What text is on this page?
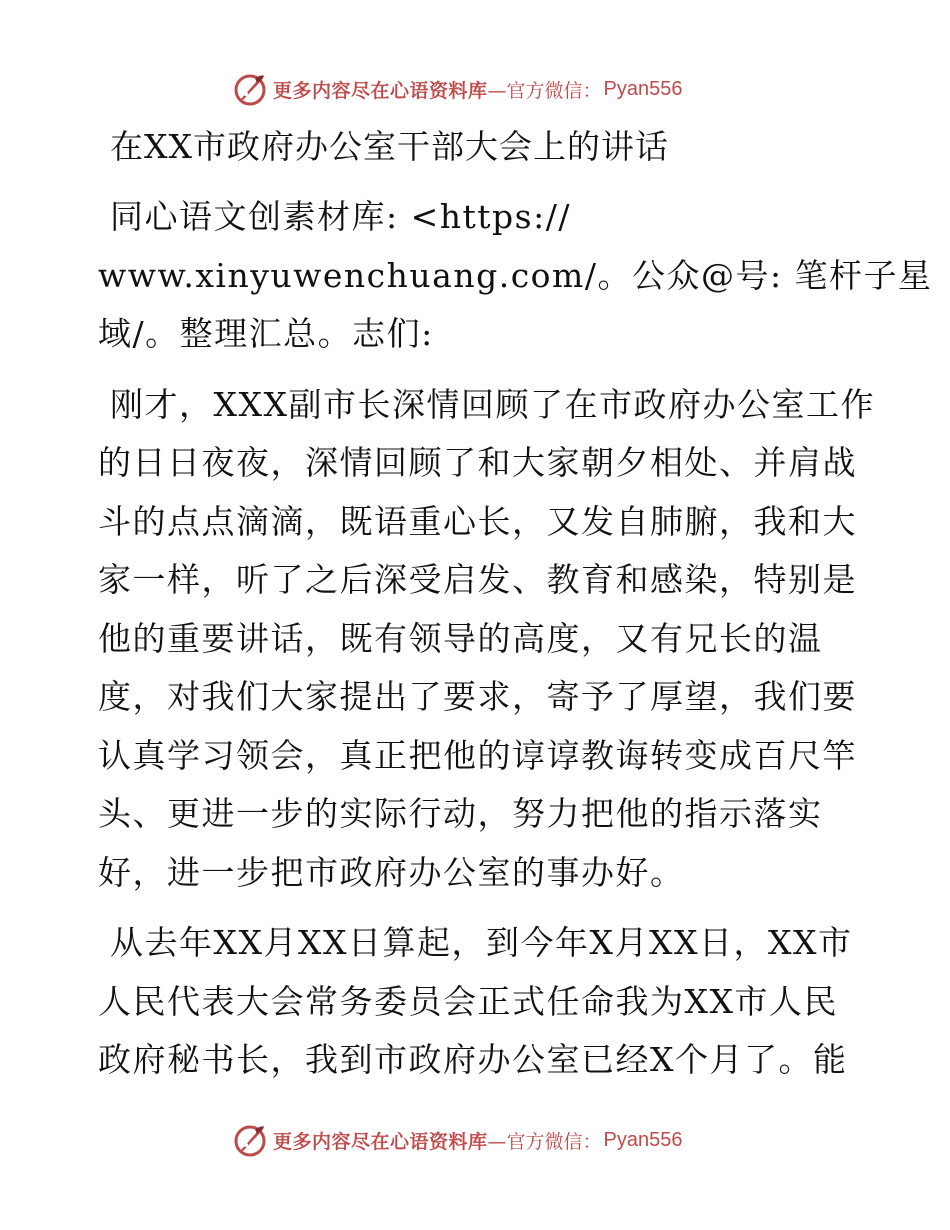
更多内容尽在心语资料库 —官方微信： Pyan556
在XX市政府办公室干部大会上的讲话

同心语文创素材库: <https://
www.xinyuwenchuang.com/。公众@号: 笔杆子星
域/。整理汇总。志们:

刚才，XXX副市长深情回顾了在市政府办公室工作
的日日夜夜，深情回顾了和大家朝夕相处、并肩战
斗的点点滴滴，既语重心长，又发自肺腑，我和大
家一样，听了之后深受启发、教育和感染，特别是
他的重要讲话，既有领导的高度，又有兄长的温
度，对我们大家提出了要求，寄予了厚望，我们要
认真学习领会，真正把他的谆谆教诲转变成百尺竿
头、更进一步的实际行动，努力把他的指示落实
好，进一步把市政府办公室的事办好。

从去年XX月XX日算起，到今年X月XX日，XX市
人民代表大会常务委员会正式任命我为XX市人民
政府秘书长，我到市政府办公室已经X个月了。能

更多内容尽在心语资料库 —官方微信： Pyan556
